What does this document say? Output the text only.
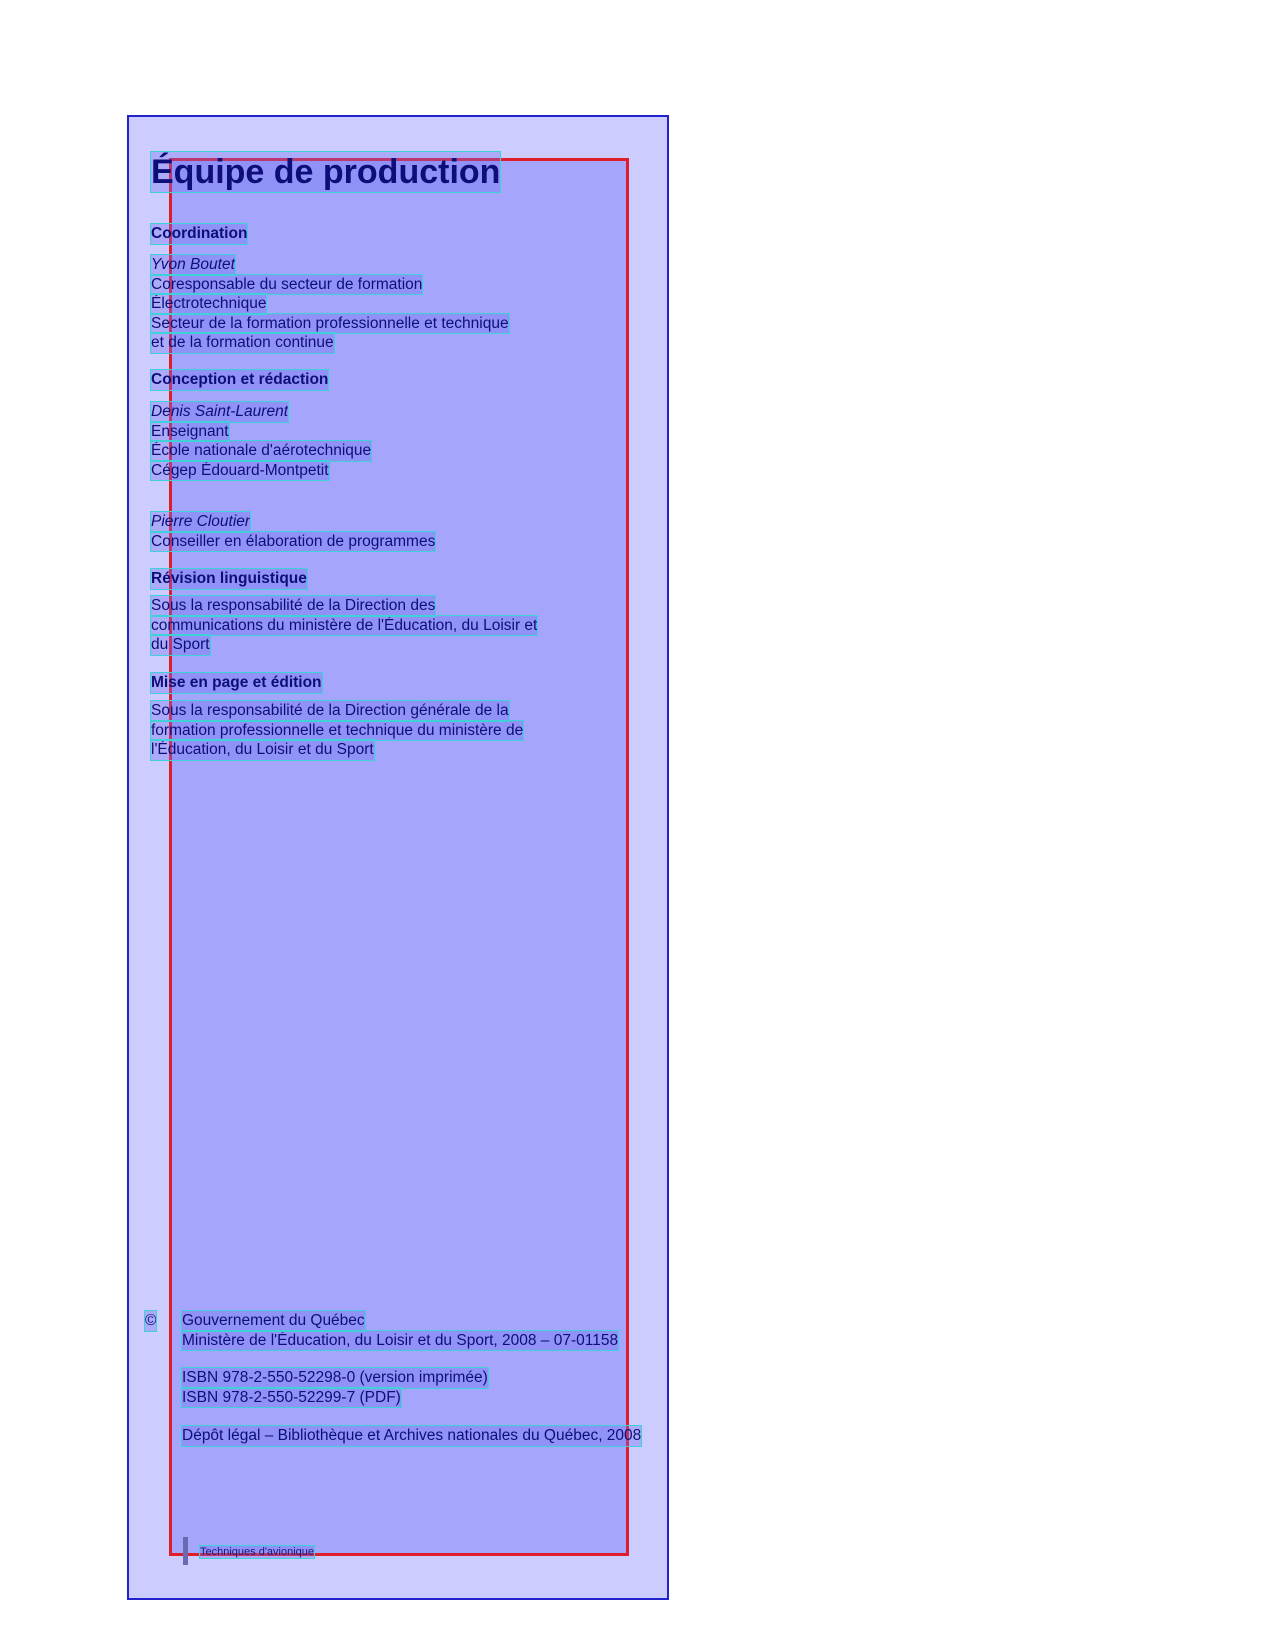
Équipe de production
Coordination
Yvon Boutet
Coresponsable du secteur de formation
Électrotechnique
Secteur de la formation professionnelle et technique
et de la formation continue
Conception et rédaction
Denis Saint-Laurent
Enseignant
École nationale d'aérotechnique
Cégep Édouard-Montpetit
Pierre Cloutier
Conseiller en élaboration de programmes
Révision linguistique
Sous la responsabilité de la Direction des
communications du ministère de l'Éducation, du Loisir et
du Sport
Mise en page et édition
Sous la responsabilité de la Direction générale de la
formation professionnelle et technique du ministère de
l'Éducation, du Loisir et du Sport
© Gouvernement du Québec
Ministère de l'Éducation, du Loisir et du Sport, 2008 – 07-01158
ISBN 978-2-550-52298-0 (version imprimée)
ISBN 978-2-550-52299-7 (PDF)
Dépôt légal – Bibliothèque et Archives nationales du Québec, 2008
Techniques d'avionique
